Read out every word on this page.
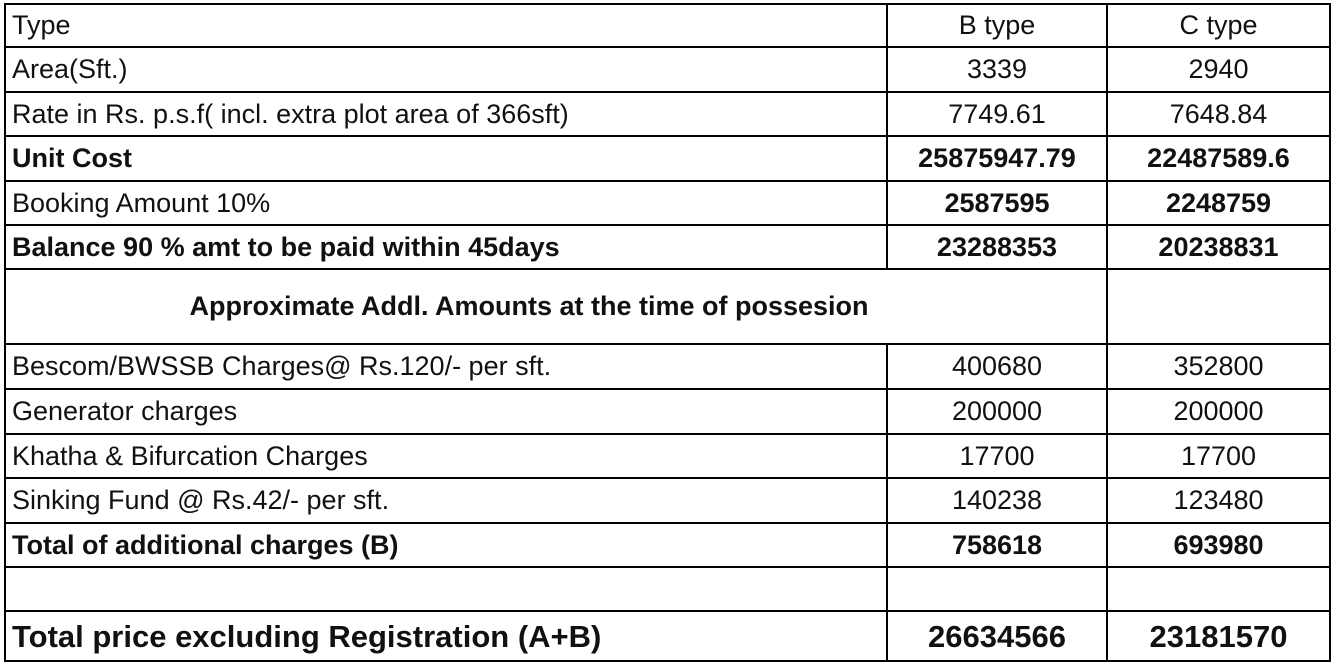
Type	B type	C type
Area(Sft.)	3339	2940
Rate in Rs. p.s.f( incl. extra plot area of 366sft)	7749.61	7648.84
Unit Cost	25875947.79	22487589.6
Booking Amount 10%	2587595	2248759
Balance 90 % amt to be paid within 45days	23288353	20238831
Approximate Addl. Amounts at the time of possesion		
Bescom/BWSSB Charges@ Rs.120/- per sft.	400680	352800
Generator charges	200000	200000
Khatha & Bifurcation Charges	17700	17700
Sinking Fund @ Rs.42/- per sft.	140238	123480
Total of additional charges (B)	758618	693980

Total price excluding Registration (A+B)	26634566	23181570
